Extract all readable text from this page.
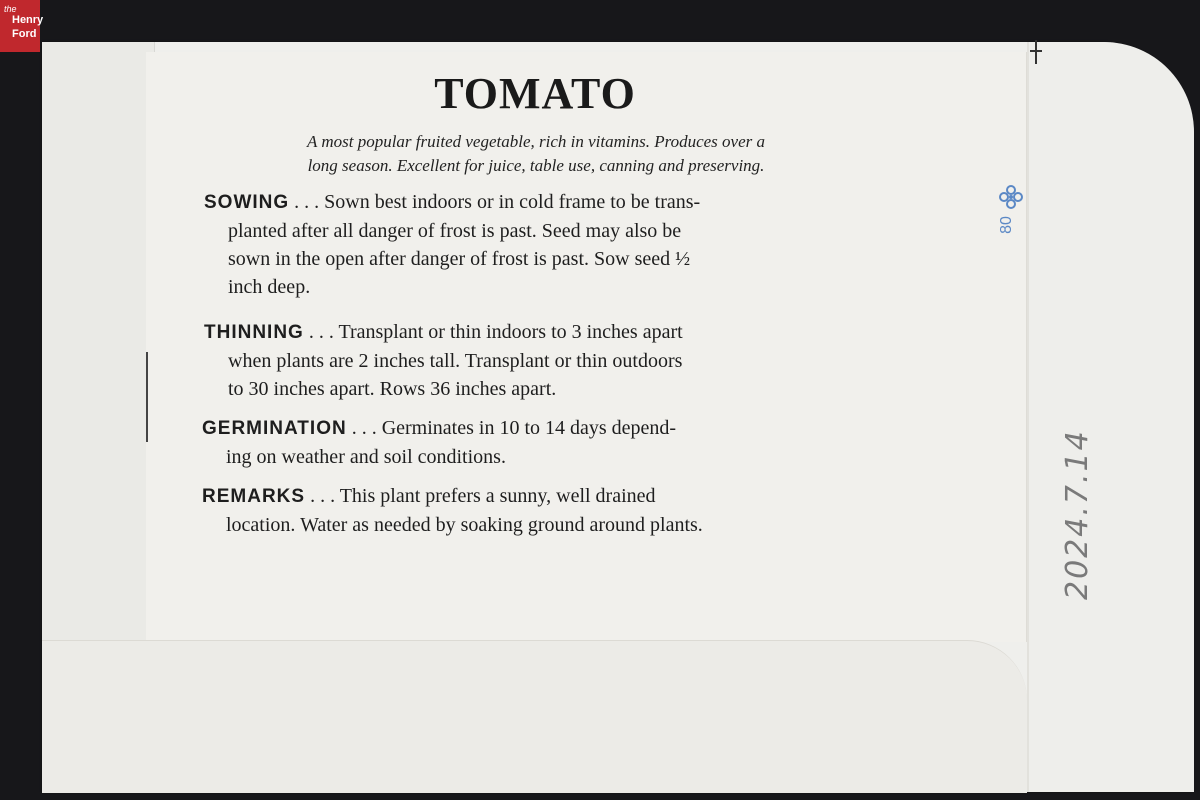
the
Henry
Ford
TOMATO
A most popular fruited vegetable, rich in vitamins. Produces over a
long season. Excellent for juice, table use, canning and preserving.
SOWING . . . Sown best indoors or in cold frame to be trans-
planted after all danger of frost is past. Seed may also be
sown in the open after danger of frost is past. Sow seed ½
inch deep.
THINNING . . . Transplant or thin indoors to 3 inches apart
when plants are 2 inches tall. Transplant or thin outdoors
to 30 inches apart. Rows 36 inches apart.
GERMINATION . . . Germinates in 10 to 14 days depend-
ing on weather and soil conditions.
REMARKS . . . This plant prefers a sunny, well drained
location. Water as needed by soaking ground around plants.
80
2024.7.14
